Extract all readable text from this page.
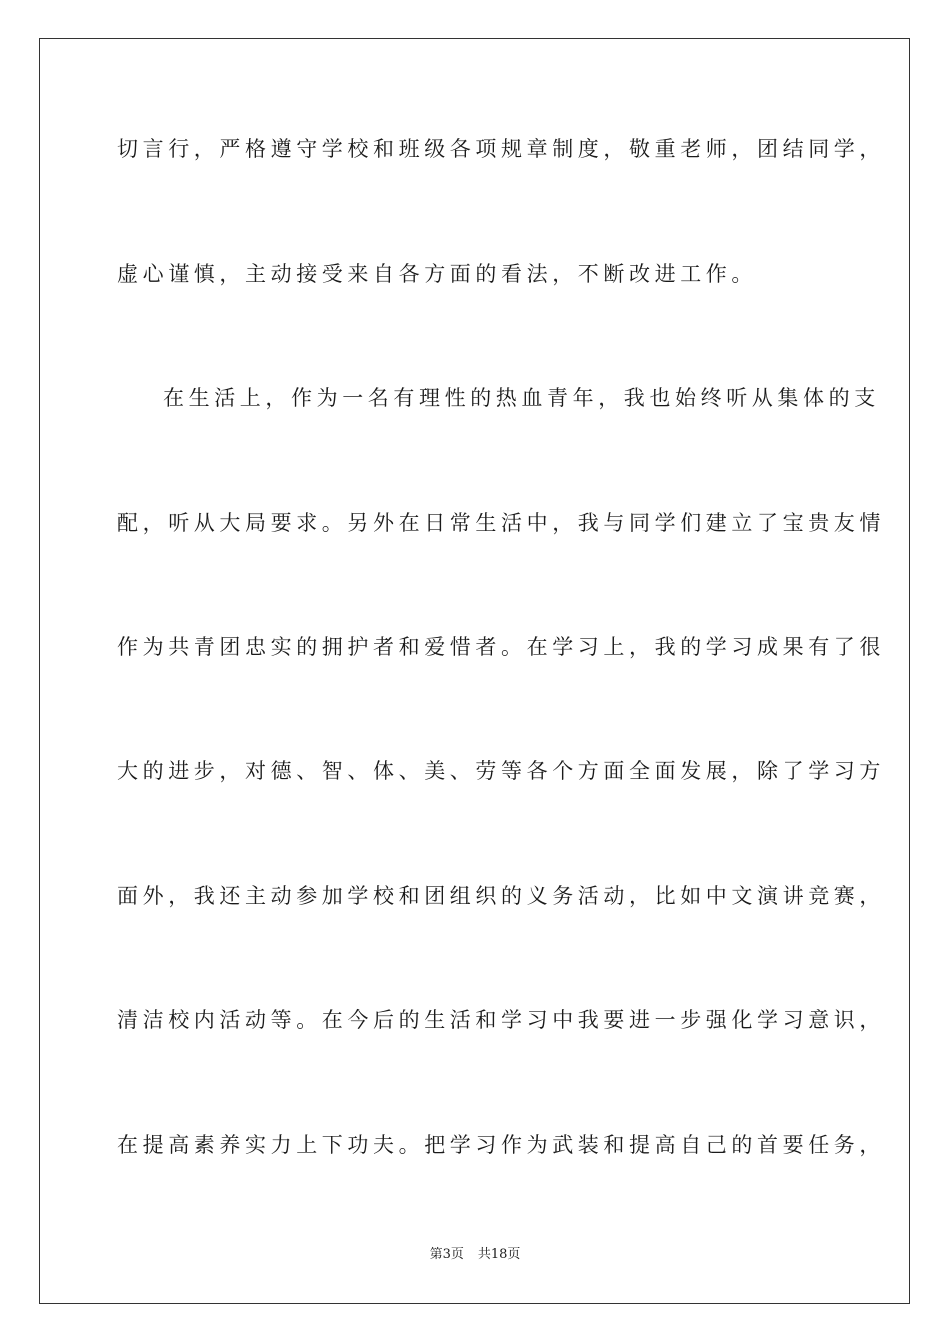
切言行，严格遵守学校和班级各项规章制度，敬重老师，团结同学，
虚心谨慎，主动接受来自各方面的看法，不断改进工作。
在生活上，作为一名有理性的热血青年，我也始终听从集体的支
配，听从大局要求。另外在日常生活中，我与同学们建立了宝贵友情
作为共青团忠实的拥护者和爱惜者。在学习上，我的学习成果有了很
大的进步，对德、智、体、美、劳等各个方面全面发展，除了学习方
面外，我还主动参加学校和团组织的义务活动，比如中文演讲竞赛，
清洁校内活动等。在今后的生活和学习中我要进一步强化学习意识，
在提高素养实力上下功夫。把学习作为武装和提高自己的首要任务，
第3页 共18页
